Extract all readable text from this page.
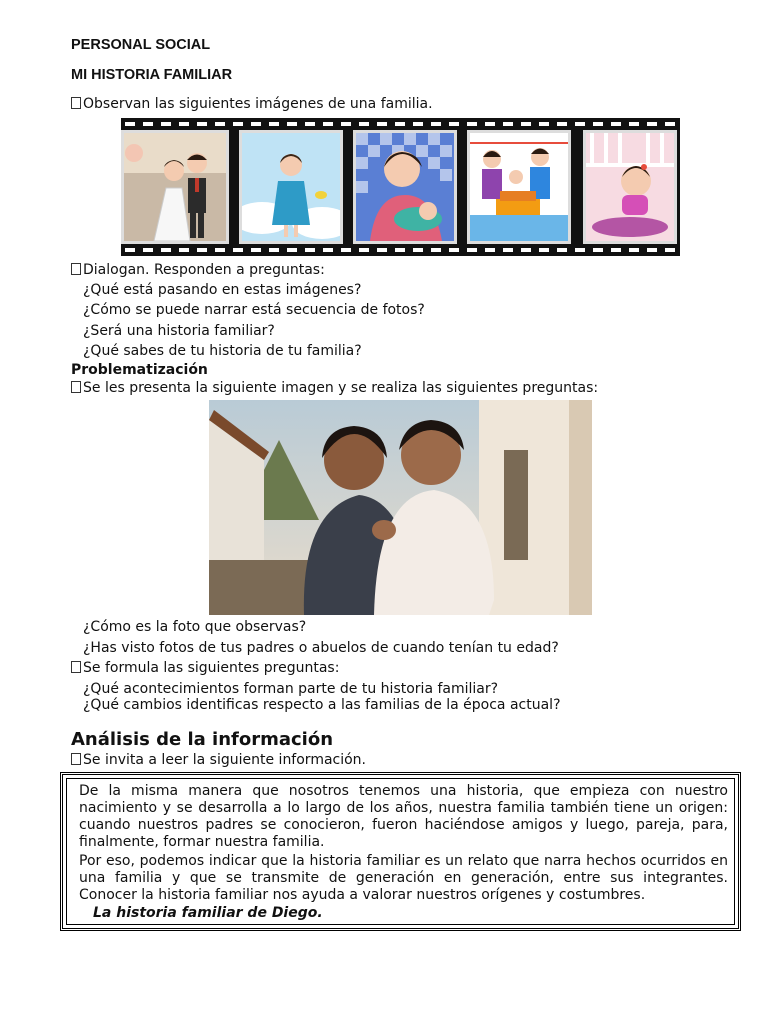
PERSONAL SOCIAL
MI HISTORIA FAMILIAR
Observan las siguientes imágenes de una familia.
Dialogan. Responden a preguntas:
¿Qué está pasando en estas imágenes?
¿Cómo se puede narrar está secuencia de fotos?
¿Será una historia familiar?
¿Qué sabes de tu historia de tu familia?
Problematización
Se les presenta la siguiente imagen y se realiza las siguientes preguntas:
¿Cómo es la foto que observas?
¿Has visto fotos de tus padres o abuelos de cuando tenían tu edad?
Se formula las siguientes preguntas:
¿Qué acontecimientos forman parte de tu historia familiar?
¿Qué cambios identificas respecto a las familias de la época actual?
Análisis de la información
Se invita a leer la siguiente información.

De la misma manera que nosotros tenemos una historia, que empieza con nuestro nacimiento y se desarrolla a lo largo de los años, nuestra familia también tiene un origen: cuando nuestros padres se conocieron, fueron haciéndose amigos y luego, pareja, para, finalmente, formar nuestra familia.

Por eso, podemos indicar que la historia familiar es un relato que narra hechos ocurridos en una familia y que se transmite de generación en generación, entre sus integrantes. Conocer la historia familiar nos ayuda a valorar nuestros orígenes y costumbres.

La historia familiar de Diego.
